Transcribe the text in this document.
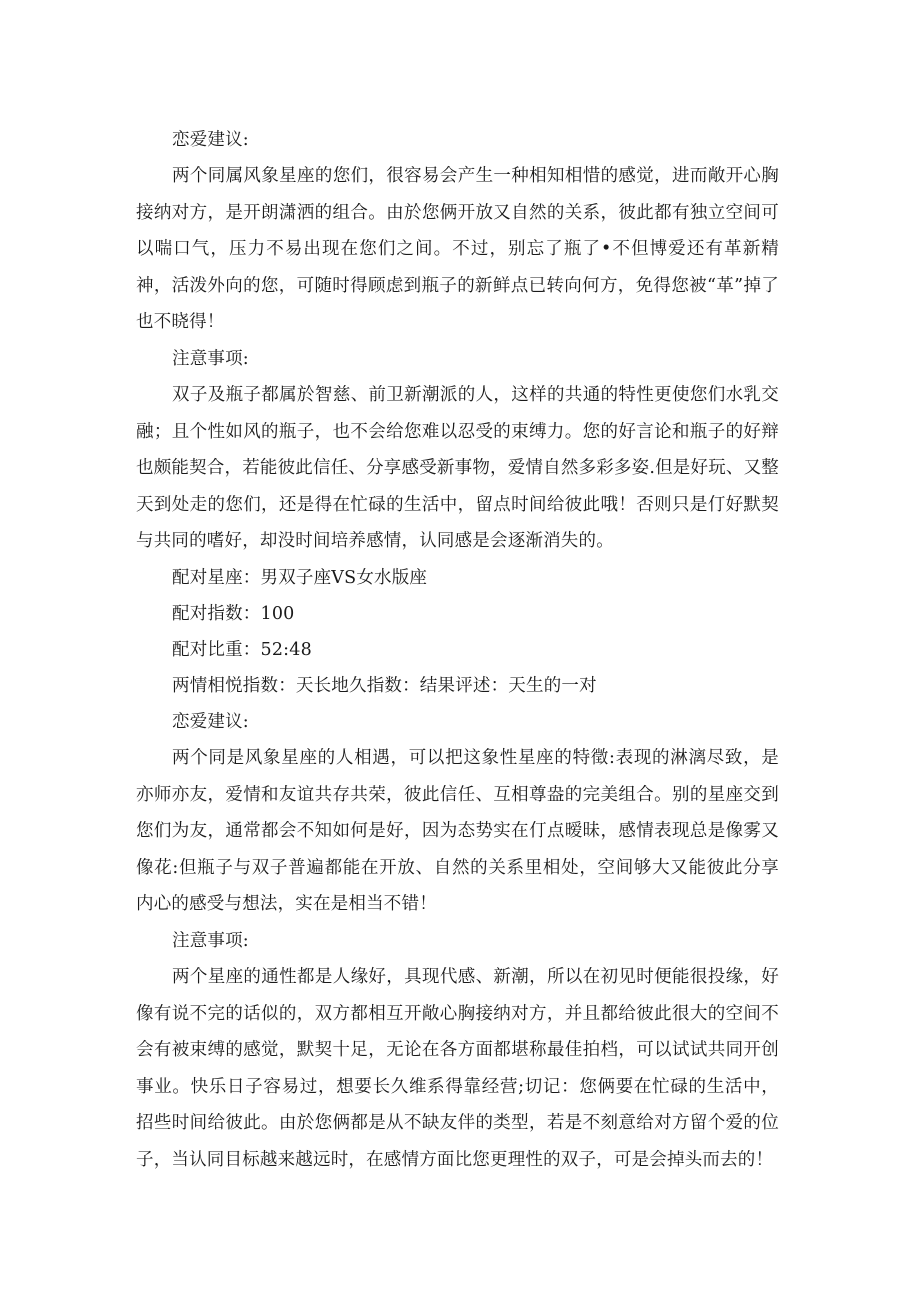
恋爱建议:

两个同属风象星座的您们，很容易会产生一种相知相惜的感觉，进而敞开心胸接纳对方，是开朗潇洒的组合。由於您俩开放又自然的关系，彼此都有独立空间可以喘口气，压力不易出现在您们之间。不过，别忘了瓶了•不但博爱还有革新精神，活泼外向的您，可随时得顾虑到瓶子的新鲜点已转向何方，免得您被“革”掉了也不晓得！

注意事项:

双子及瓶子都属於智慈、前卫新潮派的人，这样的共通的特性更使您们水乳交融；且个性如风的瓶子，也不会给您难以忍受的束缚力。您的好言论和瓶子的好辩也颇能契合，若能彼此信任、分享感受新事物，爱情自然多彩多姿.但是好玩、又整天到处走的您们，还是得在忙碌的生活中，留点时间给彼此哦！否则只是仃好默契与共同的嗜好，却没时间培养感情，认同感是会逐渐消失的。

配对星座：男双子座VS女水版座

配对指数：100

配对比重：52:48

两情相悦指数：天长地久指数：结果评述：天生的一对

恋爱建议:

两个同是风象星座的人相遇，可以把这象性星座的特徵:表现的淋漓尽致，是亦师亦友，爱情和友谊共存共荣，彼此信任、互相尊盎的完美组合。别的星座交到您们为友，通常都会不知如何是好，因为态势实在仃点暧昧，感情表现总是像雾又像花:但瓶子与双子普遍都能在开放、自然的关系里相处，空间够大又能彼此分享内心的感受与想法，实在是相当不错！

注意事项:

两个星座的通性都是人缘好，具现代感、新潮，所以在初见时便能很投缘，好像有说不完的话似的，双方都相互开敞心胸接纳对方，并且都给彼此很大的空间不会有被束缚的感觉，默契十足，无论在各方面都堪称最佳拍档，可以试试共同开创事业。快乐日子容易过，想要长久维系得靠经营;切记：您俩要在忙碌的生活中，招些时间给彼此。由於您俩都是从不缺友伴的类型，若是不刻意给对方留个爱的位子，当认同目标越来越远时，在感情方面比您更理性的双子，可是会掉头而去的！
